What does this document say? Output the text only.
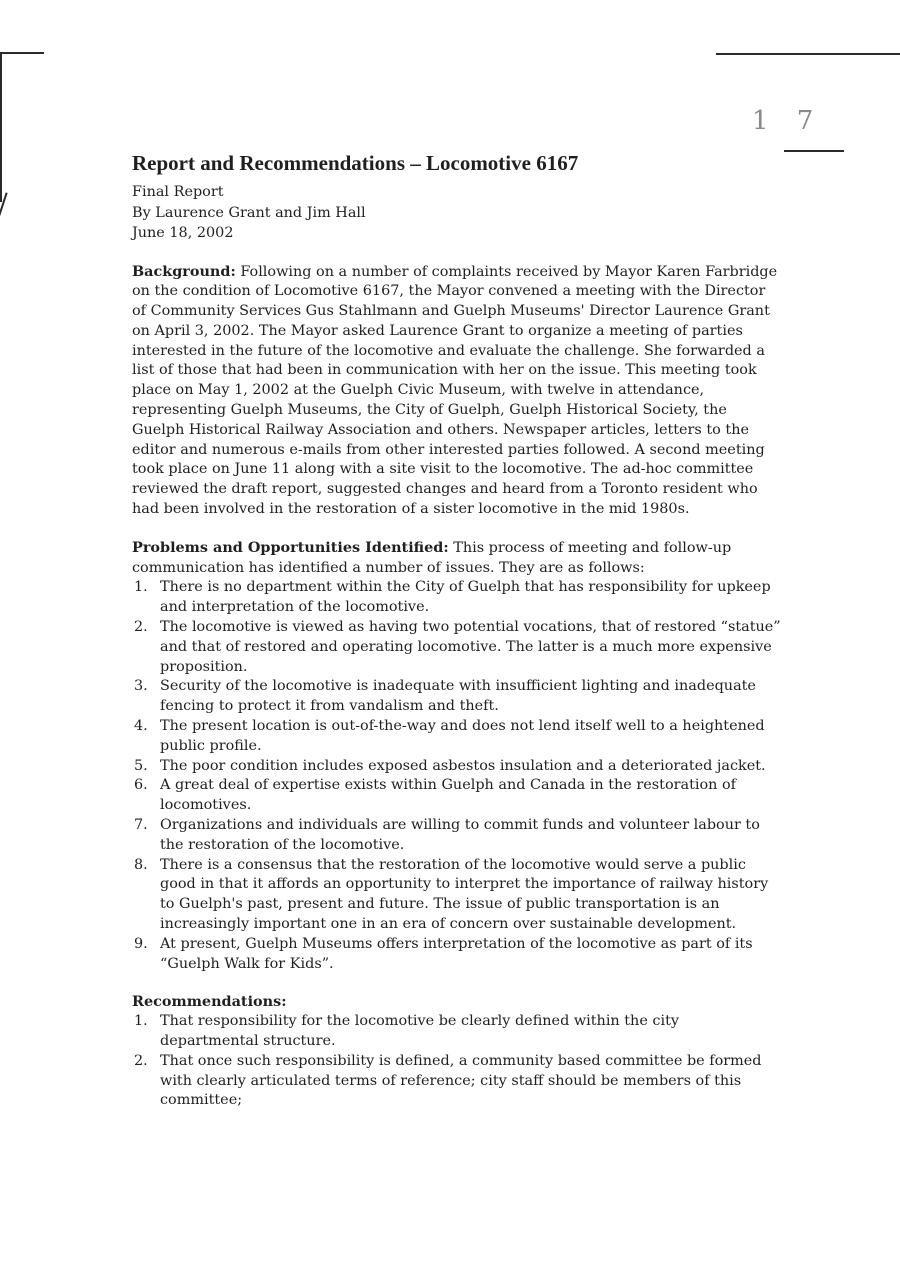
1 7
Report and Recommendations – Locomotive 6167

Final Report

By Laurence Grant and Jim Hall

June 18, 2002

Background: Following on a number of complaints received by Mayor Karen Farbridge on the condition of Locomotive 6167, the Mayor convened a meeting with the Director of Community Services Gus Stahlmann and Guelph Museums' Director Laurence Grant on April 3, 2002. The Mayor asked Laurence Grant to organize a meeting of parties interested in the future of the locomotive and evaluate the challenge. She forwarded a list of those that had been in communication with her on the issue. This meeting took place on May 1, 2002 at the Guelph Civic Museum, with twelve in attendance, representing Guelph Museums, the City of Guelph, Guelph Historical Society, the Guelph Historical Railway Association and others. Newspaper articles, letters to the editor and numerous e-mails from other interested parties followed. A second meeting took place on June 11 along with a site visit to the locomotive. The ad-hoc committee reviewed the draft report, suggested changes and heard from a Toronto resident who had been involved in the restoration of a sister locomotive in the mid 1980s.

Problems and Opportunities Identified: This process of meeting and follow-up communication has identified a number of issues. They are as follows:

1. There is no department within the City of Guelph that has responsibility for upkeep and interpretation of the locomotive.
2. The locomotive is viewed as having two potential vocations, that of restored “statue” and that of restored and operating locomotive. The latter is a much more expensive proposition.
3. Security of the locomotive is inadequate with insufficient lighting and inadequate fencing to protect it from vandalism and theft.
4. The present location is out-of-the-way and does not lend itself well to a heightened public profile.
5. The poor condition includes exposed asbestos insulation and a deteriorated jacket.
6. A great deal of expertise exists within Guelph and Canada in the restoration of locomotives.
7. Organizations and individuals are willing to commit funds and volunteer labour to the restoration of the locomotive.
8. There is a consensus that the restoration of the locomotive would serve a public good in that it affords an opportunity to interpret the importance of railway history to Guelph's past, present and future. The issue of public transportation is an increasingly important one in an era of concern over sustainable development.
9. At present, Guelph Museums offers interpretation of the locomotive as part of its “Guelph Walk for Kids”.

Recommendations:

1. That responsibility for the locomotive be clearly defined within the city departmental structure.
2. That once such responsibility is defined, a community based committee be formed with clearly articulated terms of reference; city staff should be members of this committee;
